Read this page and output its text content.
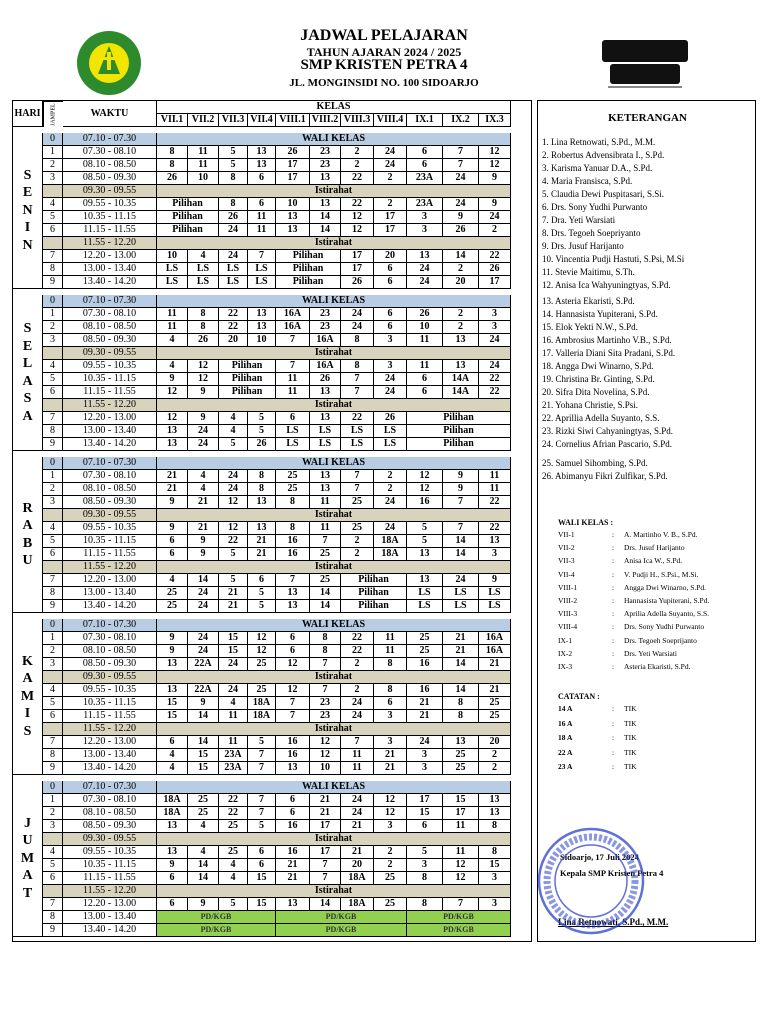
JADWAL PELAJARAN
TAHUN AJARAN 2024 / 2025
SMP KRISTEN PETRA 4
JL. MONGINSIDI NO. 100 SIDOARJO
HARI	JAMPEL	WAKTU
KELAS
VII.1 VII.2 VII.3 VII.4 VIII.1 VIII.2 VIII.3 VIII.4	IX.1	IX.2	IX.3
0	07.10 - 07.30	WALI KELAS
1	07.30 - 08.10	8	11	5	13	26	23	2	24	6	7	12
2	08.10 - 08.50	8	11	5	13	17	23	2	24	6	7	12
3	08.50 - 09.30	26	10	8	6	17	13	22	2	23A	24	9
09.30 - 09.55	Istirahat
4	09.55 - 10.35	Pilihan	8	6	10	13	22	2	23A	24	9
5	10.35 - 11.15	Pilihan	26	11	13	14	12	17	3	9	24
6	11.15 - 11.55	Pilihan	24	11	13	14	12	17	3	26	2
11.55 - 12.20	Istirahat
7	12.20 - 13.00	10	4	24	7	Pilihan	17	20	13	14	22
8	13.00 - 13.40	LS	LS	LS	LS	Pilihan	17	6	24	2	26
9	13.40 - 14.20	LS	LS	LS	LS	Pilihan	26	6	24	20	17
S
E
N
I
N
0	07.10 - 07.30	WALI KELAS
1	07.30 - 08.10	11	8	22	13	16A	23	24	6	26	2	3
2	08.10 - 08.50	11	8	22	13	16A	23	24	6	10	2	3
3	08.50 - 09.30	4	26	20	10	7	16A	8	3	11	13	24
09.30 - 09.55	Istirahat
4	09.55 - 10.35	4	12	Pilihan	7	16A	8	3	11	13	24
5	10.35 - 11.15	9	12	Pilihan	11	26	7	24	6	14A	22
6	11.15 - 11.55	12	9	Pilihan	11	13	7	24	6	14A	22
11.55 - 12.20	Istirahat
7	12.20 - 13.00	12	9	4	5	6	13	22	26	Pilihan
8	13.00 - 13.40	13	24	4	5	LS	LS	LS	LS	Pilihan
9	13.40 - 14.20	13	24	5	26	LS	LS	LS	LS	Pilihan
S
E
L
A
S
A
0	07.10 - 07.30	WALI KELAS
1	07.30 - 08.10	21	4	24	8	25	13	7	2	12	9	11
2	08.10 - 08.50	21	4	24	8	25	13	7	2	12	9	11
3	08.50 - 09.30	9	21	12	13	8	11	25	24	16	7	22
09.30 - 09.55	Istirahat
4	09.55 - 10.35	9	21	12	13	8	11	25	24	5	7	22
5	10.35 - 11.15	6	9	22	21	16	7	2	18A	5	14	13
6	11.15 - 11.55	6	9	5	21	16	25	2	18A	13	14	3
11.55 - 12.20	Istirahat
7	12.20 - 13.00	4	14	5	6	7	25	Pilihan	13	24	9
8	13.00 - 13.40	25	24	21	5	13	14	Pilihan	LS	LS	LS
9	13.40 - 14.20	25	24	21	5	13	14	Pilihan	LS	LS	LS
R
A
B
U
0	07.10 - 07.30	WALI KELAS
1	07.30 - 08.10	9	24	15	12	6	8	22	11	25	21	16A
2	08.10 - 08.50	9	24	15	12	6	8	22	11	25	21	16A
3	08.50 - 09.30	13	22A	24	25	12	7	2	8	16	14	21
09.30 - 09.55	Istirahat
4	09.55 - 10.35	13	22A	24	25	12	7	2	8	16	14	21
5	10.35 - 11.15	15	9	4	18A	7	23	24	6	21	8	25
6	11.15 - 11.55	15	14	11	18A	7	23	24	3	21	8	25
11.55 - 12.20	Istirahat
7	12.20 - 13.00	6	14	11	5	16	12	7	3	24	13	20
8	13.00 - 13.40	4	15	23A	7	16	12	11	21	3	25	2
9	13.40 - 14.20	4	15	23A	7	13	10	11	21	3	25	2
K
A
M
I
S
0	07.10 - 07.30	WALI KELAS
1	07.30 - 08.10	18A	25	22	7	6	21	24	12	17	15	13
2	08.10 - 08.50	18A	25	22	7	6	21	24	12	15	17	13
3	08.50 - 09.30	13	4	25	5	16	17	21	3	6	11	8
09.30 - 09.55	Istirahat
4	09.55 - 10.35	13	4	25	6	16	17	21	2	5	11	8
5	10.35 - 11.15	9	14	4	6	21	7	20	2	3	12	15
6	11.15 - 11.55	6	14	4	15	21	7	18A	25	8	12	3
11.55 - 12.20	Istirahat
7	12.20 - 13.00	6	9	5	15	13	14	18A	25	8	7	3
8	13.00 - 13.40	PD/KGB	PD/KGB	PD/KGB
9	13.40 - 14.20	PD/KGB	PD/KGB	PD/KGB
J
U
M
A
T
KETERANGAN
1. Lina Retnowati, S.Pd., M.M.
2. Robertus Advensibrata I., S.Pd.
3. Karisma Yanuar D.A., S.Pd.
4. Maria Fransisca, S.Pd.
5. Claudia Dewi Puspitasari, S.Si.
6. Drs. Sony Yudhi Purwanto
7. Dra. Yeti Warsiati
8. Drs. Tegoeh Soepriyanto
9. Drs. Jusuf Harijanto
10. Vincentia Pudji Hastuti, S.Psi, M.Si
11. Stevie Maitimu, S.Th.
12. Anisa Ica Wahyuningtyas, S.Pd.
13. Asteria Ekaristi, S.Pd.
14. Hannasista Yupiterani, S.Pd.
15. Elok Yekti N.W., S.Pd.
16. Ambrosius Martinho V.B., S.Pd.
17. Valleria Diani Sita Pradani, S.Pd.
18. Angga Dwi Winarno, S.Pd.
19. Christina Br. Ginting, S.Pd.
20. Sifra Dita Novelina, S.Pd.
21. Yohana Christie, S.Psi.
22. Aprillia Adella Suyanto, S.S.
23. Rizki Siwi Cahyaningtyas, S.Pd.
24. Cornelius Afrian Pascario, S.Pd.
25. Samuel Sihombing, S.Pd.
26. Abimanyu Fikri Zulfikar, S.Pd.
WALI KELAS :
VII-1	: A. Martinho V. B., S.Pd.
VII-2	: Drs. Jusuf Harijanto
VII-3	: Anisa Ica W., S.Pd.
VII-4	: V. Pudji H., S.Psi., M.Si.
VIII-1	: Angga Dwi Winarno, S.Pd.
VIII-2	: Hannasista Yupiterani, S.Pd.
VIII-3	: Aprilia Adella Suyanto, S.S.
VIII-4	: Drs. Sony Yudhi Purwanto
IX-1	: Drs. Tegoeh Soeprijanto
IX-2	: Drs. Yeti Warsiati
IX-3	: Asteria Ekaristi, S.Pd.
CATATAN :
14 A	: TIK
16 A	: TIK
18 A	: TIK
22 A	: TIK
23 A	: TIK
Sidoarjo, 17 Juli 2024
Kepala SMP Kristen Petra 4
Lina Retnowati, S.Pd., M.M.
